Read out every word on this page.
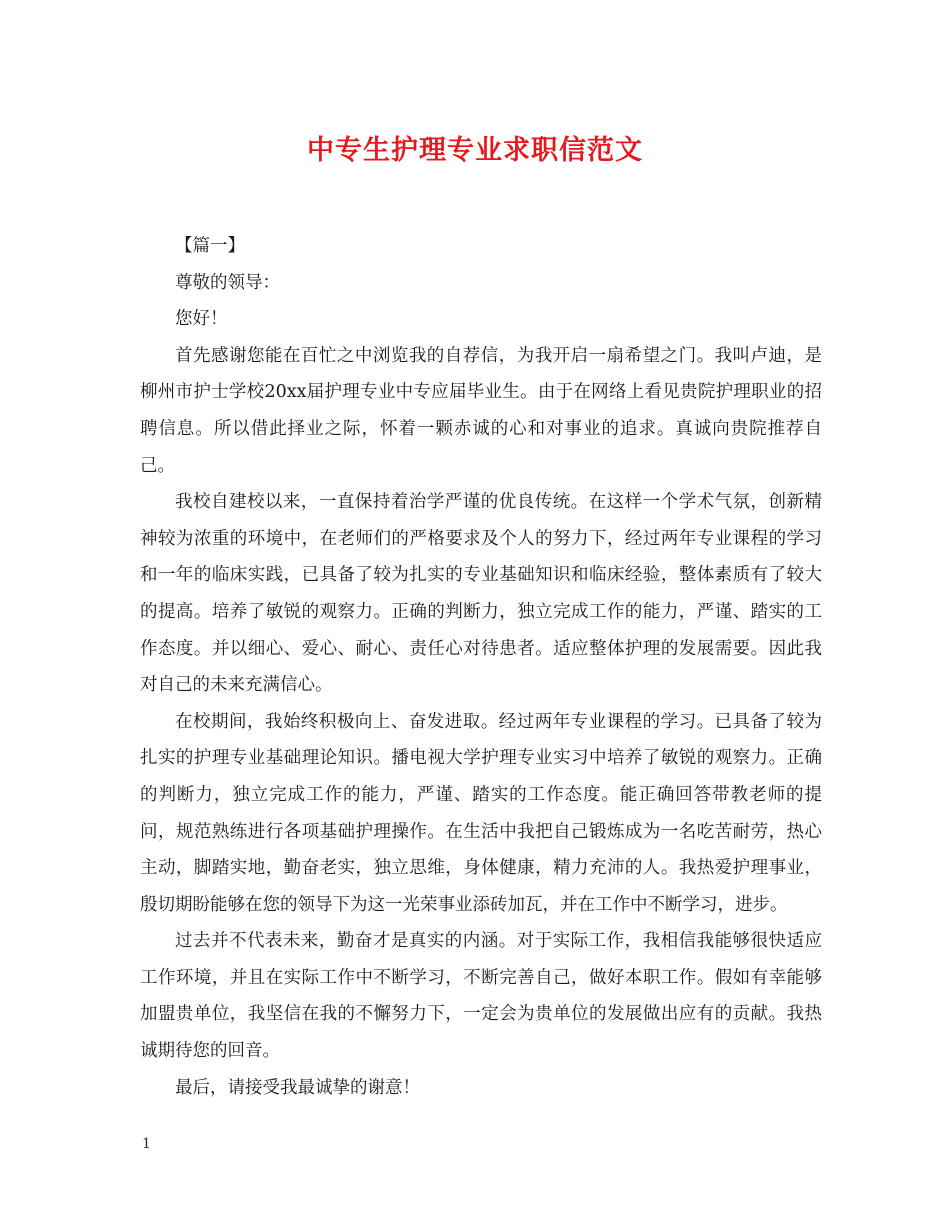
中专生护理专业求职信范文

【篇一】

尊敬的领导：

您好！

首先感谢您能在百忙之中浏览我的自荐信，为我开启一扇希望之门。我叫卢迪，是柳州市护士学校20xx届护理专业中专应届毕业生。由于在网络上看见贵院护理职业的招聘信息。所以借此择业之际，怀着一颗赤诚的心和对事业的追求。真诚向贵院推荐自己。

我校自建校以来，一直保持着治学严谨的优良传统。在这样一个学术气氛，创新精神较为浓重的环境中，在老师们的严格要求及个人的努力下，经过两年专业课程的学习和一年的临床实践，已具备了较为扎实的专业基础知识和临床经验，整体素质有了较大的提高。培养了敏锐的观察力。正确的判断力，独立完成工作的能力，严谨、踏实的工作态度。并以细心、爱心、耐心、责任心对待患者。适应整体护理的发展需要。因此我对自己的未来充满信心。

在校期间，我始终积极向上、奋发进取。经过两年专业课程的学习。已具备了较为扎实的护理专业基础理论知识。播电视大学护理专业实习中培养了敏锐的观察力。正确的判断力，独立完成工作的能力，严谨、踏实的工作态度。能正确回答带教老师的提问，规范熟练进行各项基础护理操作。在生活中我把自己锻炼成为一名吃苦耐劳，热心主动，脚踏实地，勤奋老实，独立思维，身体健康，精力充沛的人。我热爱护理事业，殷切期盼能够在您的领导下为这一光荣事业添砖加瓦，并在工作中不断学习，进步。

过去并不代表未来，勤奋才是真实的内涵。对于实际工作，我相信我能够很快适应工作环境，并且在实际工作中不断学习，不断完善自己，做好本职工作。假如有幸能够加盟贵单位，我坚信在我的不懈努力下，一定会为贵单位的发展做出应有的贡献。我热诚期待您的回音。

最后，请接受我最诚挚的谢意！

1
